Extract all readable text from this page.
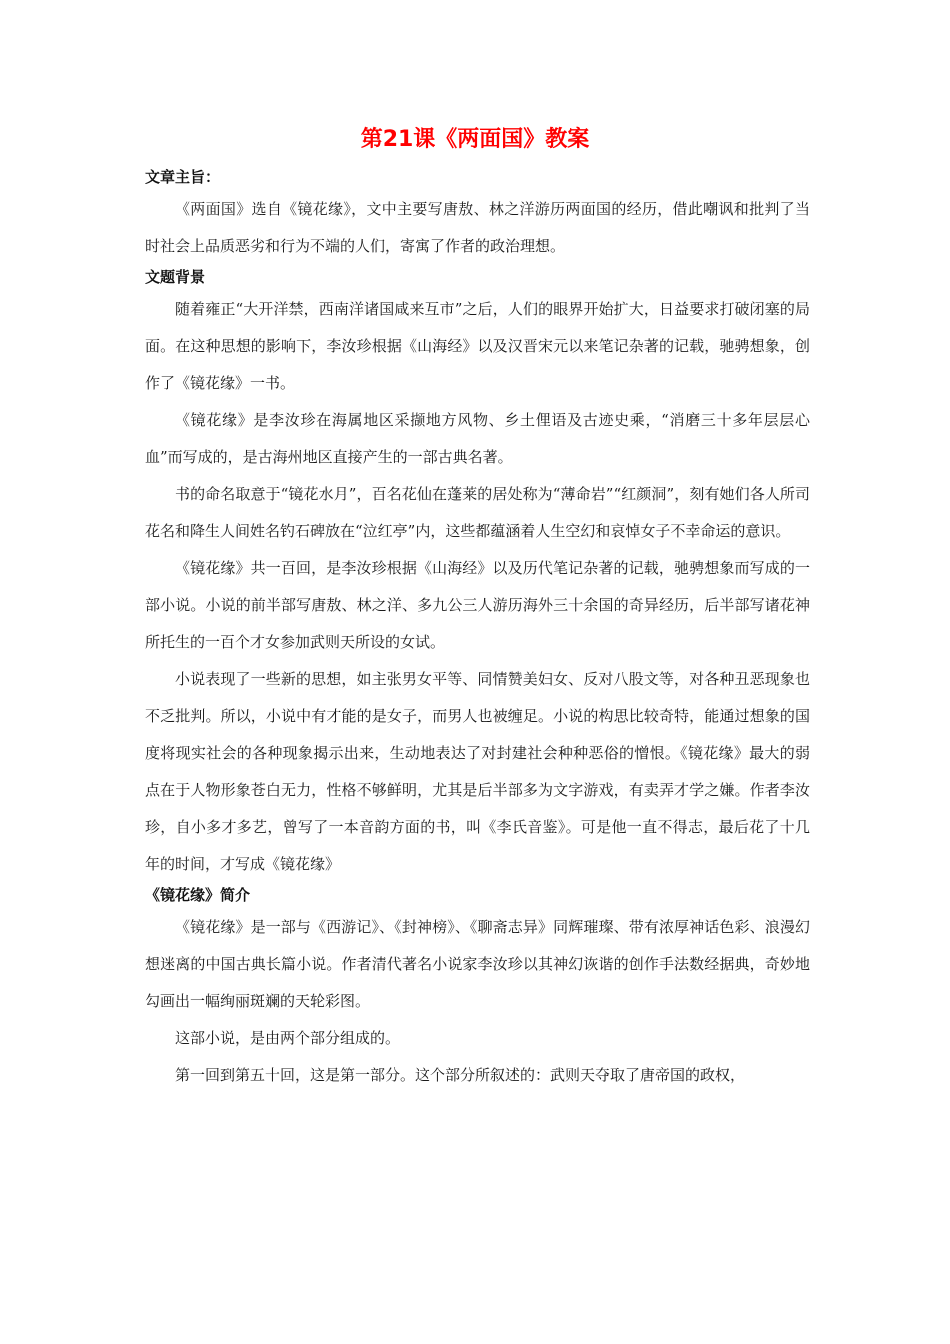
第21课《两面国》教案
文章主旨：

《两面国》选自《镜花缘》，文中主要写唐敖、林之洋游历两面国的经历，借此嘲讽和批判了当时社会上品质恶劣和行为不端的人们，寄寓了作者的政治理想。

文题背景

随着雍正“大开洋禁，西南洋诸国咸来互市”之后，人们的眼界开始扩大，日益要求打破闭塞的局面。在这种思想的影响下，李汝珍根据《山海经》以及汉晋宋元以来笔记杂著的记载，驰骋想象，创作了《镜花缘》一书。

《镜花缘》是李汝珍在海属地区采撷地方风物、乡土俚语及古迹史乘，“消磨三十多年层层心血”而写成的，是古海州地区直接产生的一部古典名著。

书的命名取意于“镜花水月”，百名花仙在蓬莱的居处称为“薄命岩”“红颜洞”，刻有她们各人所司花名和降生人间姓名钓石碑放在“泣红亭”内，这些都蕴涵着人生空幻和哀悼女子不幸命运的意识。

《镜花缘》共一百回，是李汝珍根据《山海经》以及历代笔记杂著的记载，驰骋想象而写成的一部小说。小说的前半部写唐敖、林之洋、多九公三人游历海外三十余国的奇异经历，后半部写诸花神所托生的一百个才女参加武则天所设的女试。

小说表现了一些新的思想，如主张男女平等、同情赞美妇女、反对八股文等，对各种丑恶现象也不乏批判。所以，小说中有才能的是女子，而男人也被缠足。小说的构思比较奇特，能通过想象的国度将现实社会的各种现象揭示出来，生动地表达了对封建社会种种恶俗的憎恨。《镜花缘》最大的弱点在于人物形象苍白无力，性格不够鲜明，尤其是后半部多为文字游戏，有卖弄才学之嫌。作者李汝珍，自小多才多艺，曾写了一本音韵方面的书，叫《李氏音鉴》。可是他一直不得志，最后花了十几年的时间，才写成《镜花缘》

《镜花缘》简介

《镜花缘》是一部与《西游记》、《封神榜》、《聊斋志异》同辉璀璨、带有浓厚神话色彩、浪漫幻想迷离的中国古典长篇小说。作者清代著名小说家李汝珍以其神幻诙谐的创作手法数经据典，奇妙地勾画出一幅绚丽斑斓的天轮彩图。

这部小说，是由两个部分组成的。

第一回到第五十回，这是第一部分。这个部分所叙述的：武则天夺取了唐帝国的政权，
